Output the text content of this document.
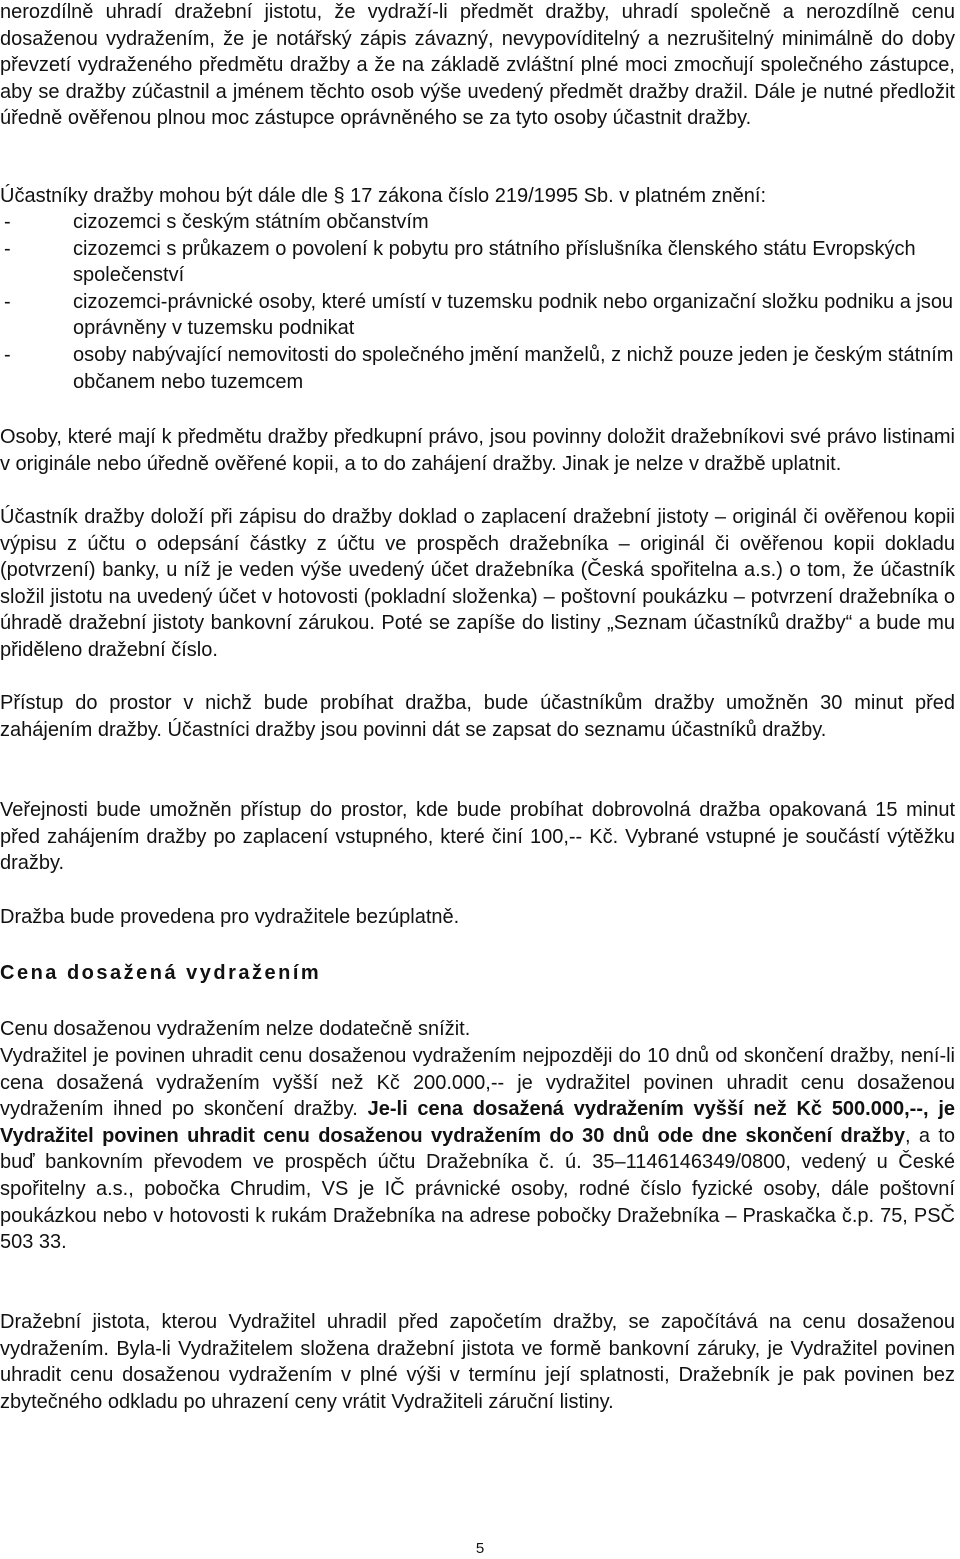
nerozdílně uhradí dražební jistotu, že vydraží-li předmět dražby, uhradí společně a nerozdílně cenu dosaženou vydražením, že je notářský zápis závazný, nevypovíditelný a nezrušitelný minimálně do doby převzetí vydraženého předmětu dražby a že na základě zvláštní plné moci zmocňují společného zástupce, aby se dražby zúčastnil a jménem těchto osob výše uvedený předmět dražby dražil. Dále je nutné předložit úředně ověřenou plnou moc zástupce oprávněného se za tyto osoby účastnit dražby.

Účastníky dražby mohou být dále dle § 17 zákona číslo 219/1995 Sb. v platném znění:

-	cizozemci s českým státním občanstvím
-	cizozemci s průkazem o povolení k pobytu pro státního příslušníka členského státu Evropských společenství
-	cizozemci-právnické osoby, které umístí v tuzemsku podnik nebo organizační složku podniku a jsou oprávněny v tuzemsku podnikat
-	osoby nabývající nemovitosti do společného jmění manželů, z nichž pouze jeden je českým státním občanem nebo tuzemcem

Osoby, které mají k předmětu dražby předkupní právo, jsou povinny doložit dražebníkovi své právo listinami v originále nebo úředně ověřené kopii, a to do zahájení dražby. Jinak je nelze v dražbě uplatnit.

Účastník dražby doloží při zápisu do dražby doklad o zaplacení dražební jistoty – originál či ověřenou kopii výpisu z účtu o odepsání částky z účtu ve prospěch dražebníka – originál či ověřenou kopii dokladu (potvrzení) banky, u níž je veden výše uvedený účet dražebníka (Česká spořitelna a.s.) o tom, že účastník složil jistotu na uvedený účet v hotovosti (pokladní složenka) – poštovní poukázku – potvrzení dražebníka o úhradě dražební jistoty bankovní zárukou. Poté se zapíše do listiny „Seznam účastníků dražby“ a bude mu přiděleno dražební číslo.

Přístup do prostor v nichž bude probíhat dražba, bude účastníkům dražby umožněn 30 minut před zahájením dražby. Účastníci dražby jsou povinni dát se zapsat do seznamu účastníků dražby.

Veřejnosti bude umožněn přístup do prostor, kde bude probíhat dobrovolná dražba opakovaná 15 minut před zahájením dražby po zaplacení vstupného, které činí 100,-- Kč. Vybrané vstupné je součástí výtěžku dražby.

Dražba bude provedena pro vydražitele bezúplatně.

Cena dosažená vydražením

Cenu dosaženou vydražením nelze dodatečně snížit.

Vydražitel je povinen uhradit cenu dosaženou vydražením nejpozději do 10 dnů od skončení dražby, není-li cena dosažená vydražením vyšší než Kč 200.000,-- je vydražitel povinen uhradit cenu dosaženou vydražením ihned po skončení dražby. Je-li cena dosažená vydražením vyšší než Kč 500.000,--, je Vydražitel povinen uhradit cenu dosaženou vydražením do 30 dnů ode dne skončení dražby, a to buď bankovním převodem ve prospěch účtu Dražebníka č. ú. 35–1146146349/0800, vedený u České spořitelny a.s., pobočka Chrudim, VS je IČ právnické osoby, rodné číslo fyzické osoby, dále poštovní poukázkou nebo v hotovosti k rukám Dražebníka na adrese pobočky Dražebníka – Praskačka č.p. 75, PSČ 503 33.

Dražební jistota, kterou Vydražitel uhradil před započetím dražby, se započítává na cenu dosaženou vydražením. Byla-li Vydražitelem složena dražební jistota ve formě bankovní záruky, je Vydražitel povinen uhradit cenu dosaženou vydražením v plné výši v termínu její splatnosti, Dražebník je pak povinen bez zbytečného odkladu po uhrazení ceny vrátit Vydražiteli záruční listiny.

5
